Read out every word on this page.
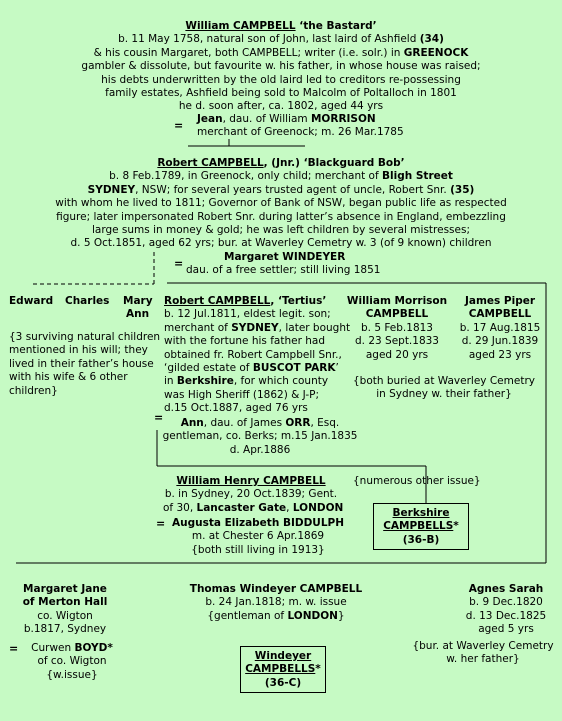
William CAMPBELL ‘the Bastard’
b. 11 May 1758, natural son of John, last laird of Ashfield (34)
& his cousin Margaret, both CAMPBELL; writer (i.e. solr.) in GREENOCK
gambler & dissolute, but favourite w. his father, in whose house was raised;
his debts underwritten by the old laird led to creditors re-possessing
family estates, Ashfield being sold to Malcolm of Poltalloch in 1801
he d. soon after, ca. 1802, aged 44 yrs
= Jean, dau. of William MORRISON
merchant of Greenock; m. 26 Mar.1785
Robert CAMPBELL, (Jnr.) ‘Blackguard Bob’
b. 8 Feb.1789, in Greenock, only child; merchant of Bligh Street
SYDNEY, NSW; for several years trusted agent of uncle, Robert Snr. (35)
with whom he lived to 1811; Governor of Bank of NSW, began public life as respected
figure; later impersonated Robert Snr. during latter’s absence in England, embezzling
large sums in money & gold; he was left children by several mistresses;
d. 5 Oct.1851, aged 62 yrs; bur. at Waverley Cemetry w. 3 (of 9 known) children
=	Margaret WINDEYER
dau. of a free settler; still living 1851
Edward Charles Mary
Ann
{3 surviving natural children
mentioned in his will; they
lived in their father’s house
with his wife & 6 other
children}
Robert CAMPBELL, ‘Tertius’
b. 12 Jul.1811, eldest legit. son;
merchant of SYDNEY, later bought
with the fortune his father had
obtained fr. Robert Campbell Snr.,
‘gilded estate of BUSCOT PARK’
in Berkshire, for which county
was High Sheriff (1862) & J-P;
d.15 Oct.1887, aged 76 yrs
=	Ann, dau. of James ORR, Esq.
gentleman, co. Berks; m.15 Jan.1835
d. Apr.1886
William Morrison
CAMPBELL
b. 5 Feb.1813
d. 23 Sept.1833
aged 20 yrs
James Piper
CAMPBELL
b. 17 Aug.1815
d. 29 Jun.1839
aged 23 yrs
{both buried at Waverley Cemetry
in Sydney w. their father}
William Henry CAMPBELL
b. in Sydney, 20 Oct.1839; Gent.
of 30, Lancaster Gate, LONDON
{numerous other issue}
= Augusta Elizabeth BIDDULPH
m. at Chester 6 Apr.1869
{both still living in 1913}
Berkshire
CAMPBELLS*
(36-B)
Margaret Jane
of Merton Hall
co. Wigton
b.1817, Sydney
=	Curwen BOYD*
of co. Wigton
{w.issue}
Thomas Windeyer CAMPBELL
b. 24 Jan.1818; m. w. issue
{gentleman of LONDON}
Windeyer
CAMPBELLS*
(36-C)
Agnes Sarah
b. 9 Dec.1820
d. 13 Dec.1825
aged 5 yrs
{bur. at Waverley Cemetry
w. her father}
